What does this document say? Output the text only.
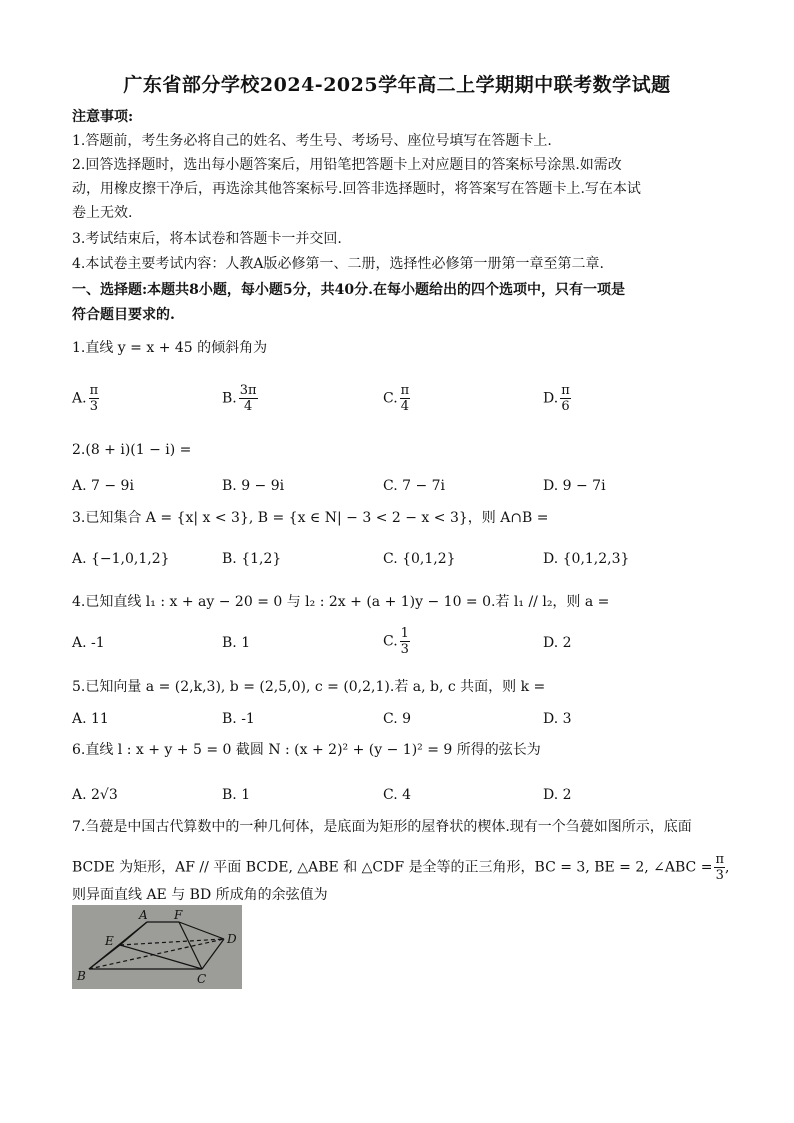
广东省部分学校2024-2025学年高二上学期期中联考数学试题
注意事项:
1.答题前，考生务必将自己的姓名、考生号、考场号、座位号填写在答题卡上.
2.回答选择题时，选出每小题答案后，用铅笔把答题卡上对应题目的答案标号涂黑.如需改
动，用橡皮擦干净后，再选涂其他答案标号.回答非选择题时，将答案写在答题卡上.写在本试
卷上无效.
3.考试结束后，将本试卷和答题卡一并交回.
4.本试卷主要考试内容：人教A版必修第一、二册，选择性必修第一册第一章至第二章.
一、选择题:本题共8小题，每小题5分，共40分.在每小题给出的四个选项中，只有一项是
符合题目要求的.
1.直线 y = x + 45 的倾斜角为
A. $\frac{\pi}{3}$	B. $\frac{3\pi}{4}$	C. $\frac{\pi}{4}$	D. $\frac{\pi}{6}$
2.(8 + i)(1 − i) =
A. 7 − 9i	B. 9 − 9i	C. 7 − 7i	D. 9 − 7i
3.已知集合 A = {x| x < 3}, B = {x ∈ N| − 3 < 2 − x < 3}，则 A∩B =
A. {−1,0,1,2}	B. {1,2}	C. {0,1,2}	D. {0,1,2,3}
4.已知直线 l₁ : x + ay − 20 = 0 与 l₂ : 2x + (a + 1)y − 10 = 0.若 l₁ // l₂，则 a =
A. -1	B. 1	C. $\frac{1}{3}$	D. 2
5.已知向量 a = (2,k,3), b = (2,5,0), c = (0,2,1).若 a, b, c 共面，则 k =
A. 11	B. -1	C. 9	D. 3
6.直线 l : x + y + 5 = 0 截圆 N : (x + 2)² + (y − 1)² = 9 所得的弦长为
A. 2√3	B. 1	C. 4	D. 2
7.刍甍是中国古代算数中的一种几何体，是底面为矩形的屋脊状的楔体.现有一个刍甍如图所示，底面
BCDE 为矩形，AF // 平面 BCDE, △ABE 和 △CDF 是全等的正三角形，BC = 3, BE = 2, ∠ABC = $\frac{\pi}{3}$ ,
则异面直线 AE 与 BD 所成角的余弦值为
A F
E	D
B	C
